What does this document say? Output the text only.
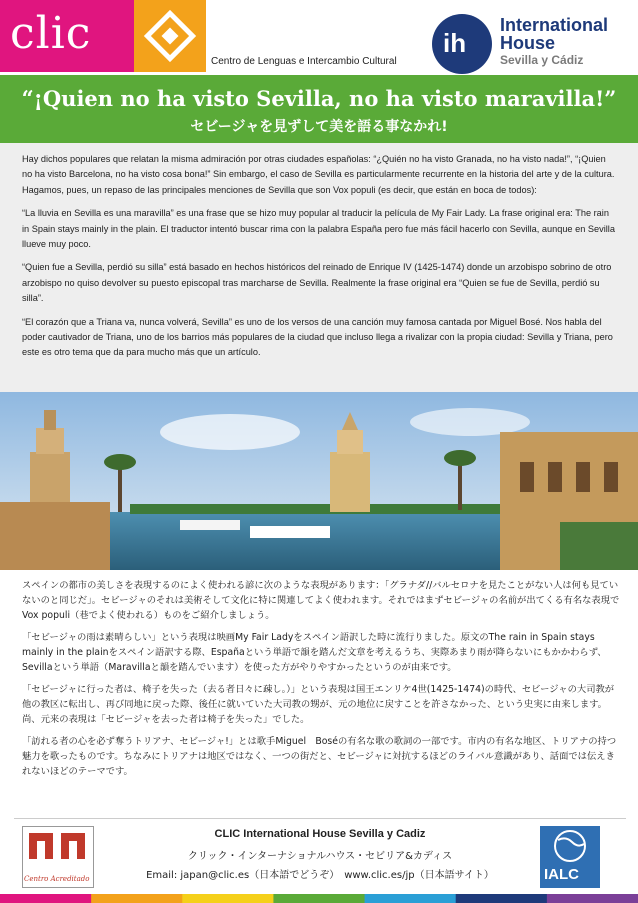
clic
Centro de Lenguas e Intercambio Cultural
ih
International
House
Sevilla y Cádiz
“¡Quien no ha visto Sevilla, no ha visto maravilla!”
セビージャを見ずして美を語る事なかれ!

Hay dichos populares que relatan la misma admiración por otras ciudades españolas: “¿Quién no ha visto Granada, no ha visto nada!”, “¡Quien no ha visto Barcelona, no ha visto cosa bona!” Sin embargo, el caso de Sevilla es particularmente recurrente en la historia del arte y de la cultura. Hagamos, pues, un repaso de las principales menciones de Sevilla que son Vox populi (es decir, que están en boca de todos):

“La lluvia en Sevilla es una maravilla” es una frase que se hizo muy popular al traducir la película de My Fair Lady. La frase original era: The rain in Spain stays mainly in the plain. El traductor intentó buscar rima con la palabra España pero fue más fácil hacerlo con Sevilla, aunque en Sevilla llueve muy poco.

“Quien fue a Sevilla, perdió su silla” está basado en hechos históricos del reinado de Enrique IV (1425-1474) donde un arzobispo sobrino de otro arzobispo no quiso devolver su puesto episcopal tras marcharse de Sevilla. Realmente la frase original era “Quien se fue de Sevilla, perdió su silla”.

“El corazón que a Triana va, nunca volverá, Sevilla” es uno de los versos de una canción muy famosa cantada por Miguel Bosé. Nos habla del poder cautivador de Triana, uno de los barrios más populares de la ciudad que incluso llega a rivalizar con la propia ciudad: Sevilla y Triana, pero este es otro tema que da para mucho más que un artículo.

スペインの都市の美しさを表現するのによく使われる諺に次のような表現があります：「グラナダ//バルセロナを見たことがない人は何も見ていないのと同じだ」。セビージャのそれは美術そして文化に特に関連してよく使われます。それではまずセビージャの名前が出てくる有名な表現でVox populi（巷でよく使われる）ものをご紹介しましょう。

「セビージャの雨は素晴らしい」という表現は映画My Fair Ladyをスペイン語訳した時に流行りました。原文のThe rain in Spain stays mainly in the plainをスペイン語訳する際、Españaという単語で韻を踏んだ文章を考えるうち、実際あまり雨が降らないにもかかわらず、Sevillaという単語（Maravillaと韻を踏んでいます）を使った方がやりやすかったというのが由来です。

「セビージャに行った者は、椅子を失った（去る者日々に疎し。）」という表現は国王エンリケ4世(1425-1474)の時代、セビージャの大司教が他の教区に転出し、再び同地に戻った際、後任に就いていた大司教の甥が、元の地位に戻すことを許さなかった、という史実に由来します。尚、元来の表現は「セビージャを去った者は椅子を失った」でした。

「訪れる者の心を必ず奪うトリアナ、セビージャ!」とは歌手Miguel　Boséの有名な歌の歌詞の一部です。市内の有名な地区、トリアナの持つ魅力を歌ったものです。ちなみにトリアナは地区ではなく、一つの街だと、セビージャに対抗するほどのライバル意識があり、話面では伝えきれないほどのテーマです。

Centro Acreditado
CLIC International House Sevilla y Cadiz
クリック・インターナショナルハウス・セビリア&カディス
Email: japan@clic.es（日本語でどうぞ）　www.clic.es/jp（日本語サイト）	IALC
